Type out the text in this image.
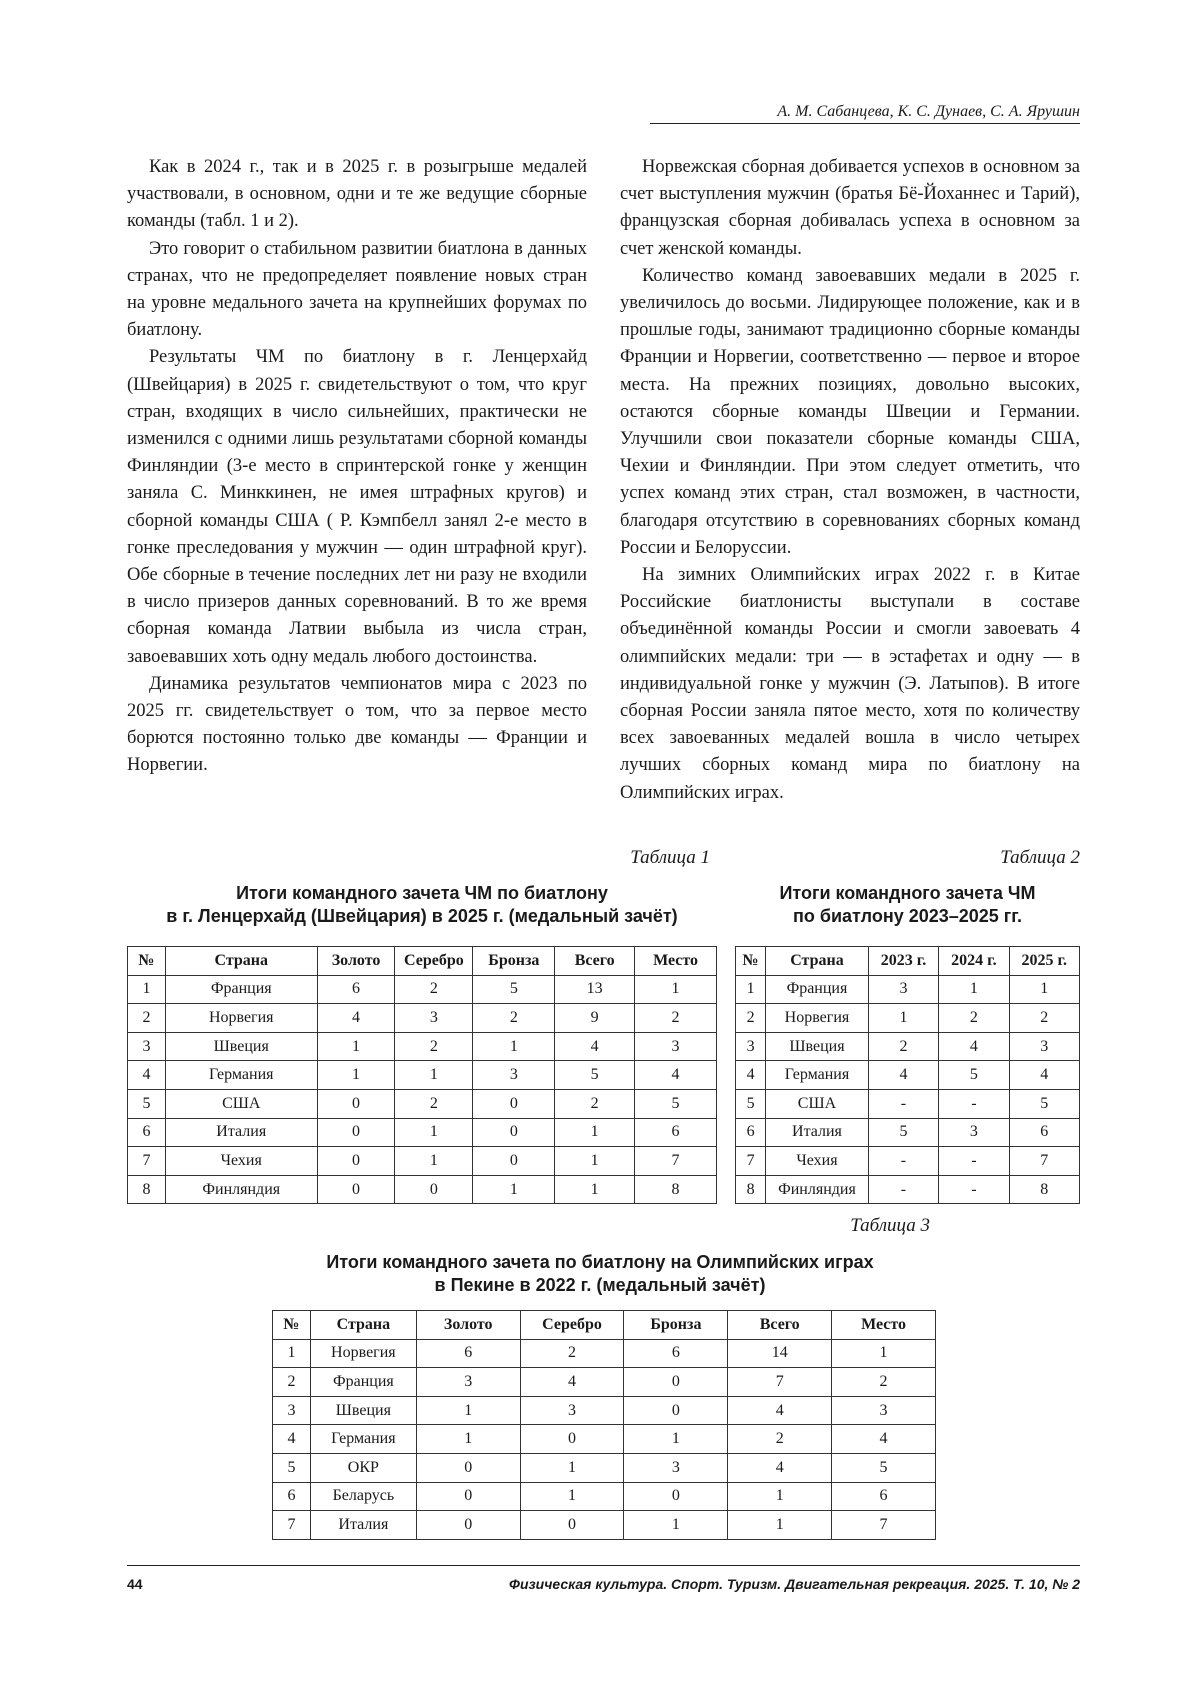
А. М. Сабанцева, К. С. Дунаев, С. А. Ярушин

Как в 2024 г., так и в 2025 г. в розыгрыше медалей участвовали, в основном, одни и те же ведущие сборные команды (табл. 1 и 2).

Это говорит о стабильном развитии биатлона в данных странах, что не предопределяет появление новых стран на уровне медального зачета на крупнейших форумах по биатлону.

Результаты ЧМ по биатлону в г. Ленцерхайд (Швейцария) в 2025 г. свидетельствуют о том, что круг стран, входящих в число сильнейших, практически не изменился с одними лишь результатами сборной команды Финляндии (3-е место в спринтерской гонке у женщин заняла С. Минккинен, не имея штрафных кругов) и сборной команды США ( Р. Кэмпбелл занял 2-е место в гонке преследования у мужчин — один штрафной круг). Обе сборные в течение последних лет ни разу не входили в число призеров данных соревнований. В то же время сборная команда Латвии выбыла из числа стран, завоевавших хоть одну медаль любого достоинства.

Динамика результатов чемпионатов мира с 2023 по 2025 гг. свидетельствует о том, что за первое место борются постоянно только две команды — Франции и Норвегии.

Норвежская сборная добивается успехов в основном за счет выступления мужчин (братья Бё-Йоханнес и Тарий), французская сборная добивалась успеха в основном за счет женской команды.

Количество команд завоевавших медали в 2025 г. увеличилось до восьми. Лидирующее положение, как и в прошлые годы, занимают традиционно сборные команды Франции и Норвегии, соответственно — первое и второе места. На прежних позициях, довольно высоких, остаются сборные команды Швеции и Германии. Улучшили свои показатели сборные команды США, Чехии и Финляндии. При этом следует отметить, что успех команд этих стран, стал возможен, в частности, благодаря отсутствию в соревнованиях сборных команд России и Белоруссии.

На зимних Олимпийских играх 2022 г. в Китае Российские биатлонисты выступали в составе объединённой команды России и смогли завоевать 4 олимпийских медали: три — в эстафетах и одну — в индивидуальной гонке у мужчин (Э. Латыпов). В итоге сборная России заняла пятое место, хотя по количеству всех завоеванных медалей вошла в число четырех лучших сборных команд мира по биатлону на Олимпийских играх.

Таблица 1
Итоги командного зачета ЧМ по биатлону
в г. Ленцерхайд (Швейцария) в 2025 г. (медальный зачёт)
№	Страна	Золото	Серебро	Бронза	Всего	Место
1	Франция	6	2	5	13	1
2	Норвегия	4	3	2	9	2
3	Швеция	1	2	1	4	3
4	Германия	1	1	3	5	4
5	США	0	2	0	2	5
6	Италия	0	1	0	1	6
7	Чехия	0	1	0	1	7
8	Финляндия	0	0	1	1	8
Таблица 2
Итоги командного зачета ЧМ
по биатлону 2023–2025 гг.
№	Страна	2023 г.	2024 г.	2025 г.
1	Франция	3	1	1
2	Норвегия	1	2	2
3	Швеция	2	4	3
4	Германия	4	5	4
5	США	-	-	5
6	Италия	5	3	6
7	Чехия	-	-	7
8	Финляндия	-	-	8
Таблица 3
Итоги командного зачета по биатлону на Олимпийских играх
в Пекине в 2022 г. (медальный зачёт)
№	Страна	Золото	Серебро	Бронза	Всего	Место
1	Норвегия	6	2	6	14	1
2	Франция	3	4	0	7	2
3	Швеция	1	3	0	4	3
4	Германия	1	0	1	2	4
5	ОКР	0	1	3	4	5
6	Беларусь	0	1	0	1	6
7	Италия	0	0	1	1	7
44	Физическая культура. Спорт. Туризм. Двигательная рекреация. 2025. Т. 10, № 2
